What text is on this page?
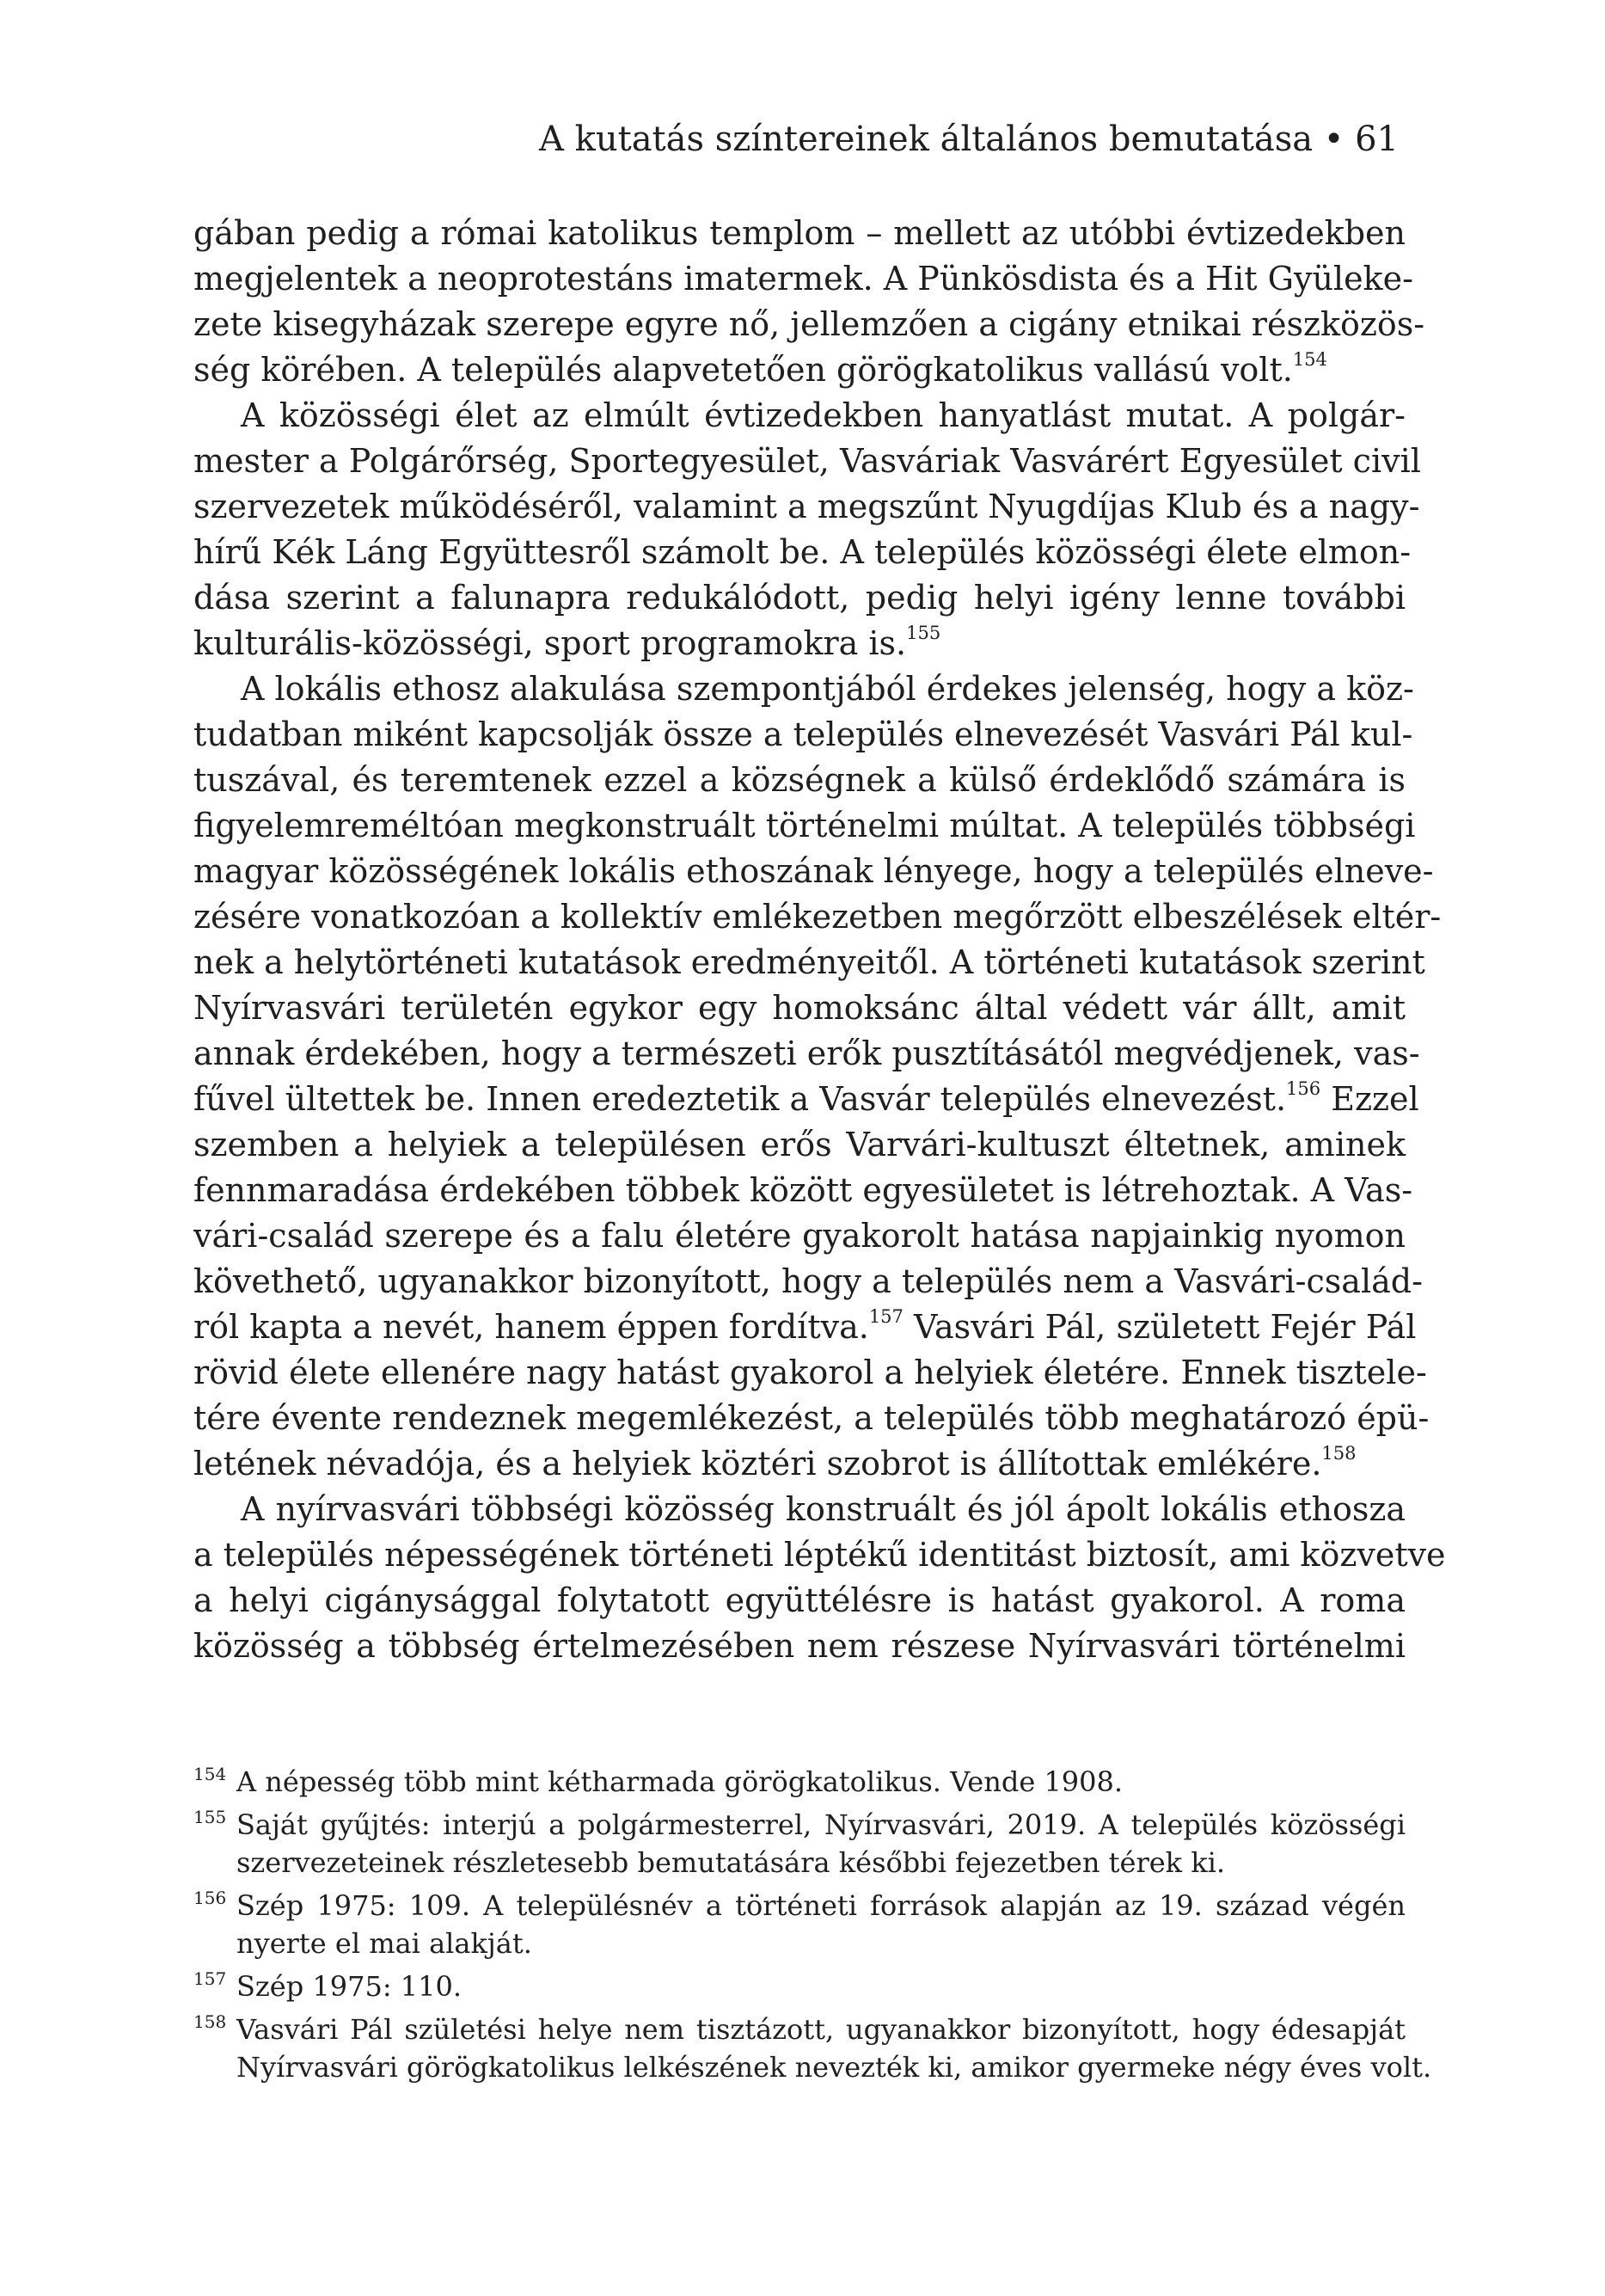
A kutatás színtereinek általános bemutatása • 61

gában pedig a római katolikus templom – mellett az utóbbi évtizedekben
megjelentek a neoprotestáns imatermek. A Pünkösdista és a Hit Gyüleke-
zete kisegyházak szerepe egyre nő, jellemzően a cigány etnikai részközös-
ség körében. A település alapvetetően görögkatolikus vallású volt.$^{154}$

A közösségi élet az elmúlt évtizedekben hanyatlást mutat. A polgár-
mester a Polgárőrség, Sportegyesület, Vasváriak Vasvárért Egyesület civil
szervezetek működéséről, valamint a megszűnt Nyugdíjas Klub és a nagy-
hírű Kék Láng Együttesről számolt be. A település közösségi élete elmon-
dása szerint a falunapra redukálódott, pedig helyi igény lenne további
kulturális-közösségi, sport programokra is.$^{155}$

A lokális ethosz alakulása szempontjából érdekes jelenség, hogy a köz-
tudatban miként kapcsolják össze a település elnevezését Vasvári Pál kul-
tuszával, és teremtenek ezzel a községnek a külső érdeklődő számára is
figyelemreméltóan megkonstruált történelmi múltat. A település többségi
magyar közösségének lokális ethoszának lényege, hogy a település elneve-
zésére vonatkozóan a kollektív emlékezetben megőrzött elbeszélések eltér-
nek a helytörténeti kutatások eredményeitől. A történeti kutatások szerint
Nyírvasvári területén egykor egy homoksánc által védett vár állt, amit
annak érdekében, hogy a természeti erők pusztításától megvédjenek, vas-
fűvel ültettek be. Innen eredeztetik a Vasvár település elnevezést.$^{156}$ Ezzel
szemben a helyiek a településen erős Varvári-kultuszt éltetnek, aminek
fennmaradása érdekében többek között egyesületet is létrehoztak. A Vas-
vári-család szerepe és a falu életére gyakorolt hatása napjainkig nyomon
követhető, ugyanakkor bizonyított, hogy a település nem a Vasvári-család-
ról kapta a nevét, hanem éppen fordítva.$^{157}$ Vasvári Pál, született Fejér Pál
rövid élete ellenére nagy hatást gyakorol a helyiek életére. Ennek tisztele-
tére évente rendeznek megemlékezést, a település több meghatározó épü-
letének névadója, és a helyiek köztéri szobrot is állítottak emlékére.$^{158}$

A nyírvasvári többségi közösség konstruált és jól ápolt lokális ethosza
a település népességének történeti léptékű identitást biztosít, ami közvetve
a helyi cigánysággal folytatott együttélésre is hatást gyakorol. A roma
közösség a többség értelmezésében nem részese Nyírvasvári történelmi

154 A népesség több mint kétharmada görögkatolikus. Vende 1908.
155 Saját gyűjtés: interjú a polgármesterrel, Nyírvasvári, 2019. A település közösségi
szervezeteinek részletesebb bemutatására későbbi fejezetben térek ki.
156 Szép 1975: 109. A településnév a történeti források alapján az 19. század végén
nyerte el mai alakját.
157 Szép 1975: 110.
158 Vasvári Pál születési helye nem tisztázott, ugyanakkor bizonyított, hogy édesapját
Nyírvasvári görögkatolikus lelkészének nevezték ki, amikor gyermeke négy éves volt.
